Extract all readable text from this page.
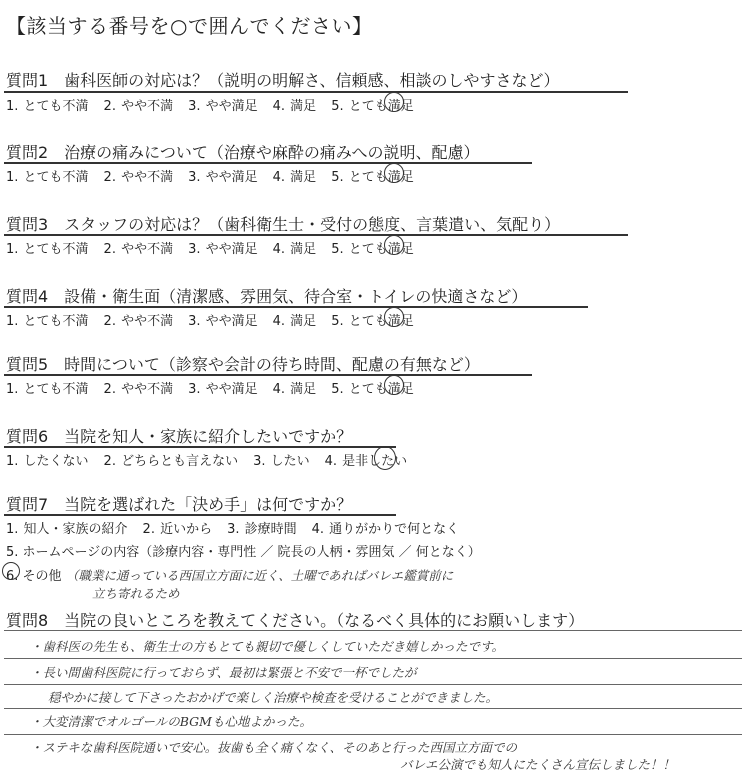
【該当する番号を○で囲んでください】
質問1　歯科医師の対応は？（説明の明解さ、信頼感、相談のしやすさなど）
1. とても不満 2. やや不満 3. やや満足 4. 満足 5. とても満足
質問2　治療の痛みについて（治療や麻酔の痛みへの説明、配慮）
1. とても不満 2. やや不満 3. やや満足 4. 満足 5. とても満足
質問3　スタッフの対応は？（歯科衛生士・受付の態度、言葉遣い、気配り）
1. とても不満 2. やや不満 3. やや満足 4. 満足 5. とても満足
質問4　設備・衛生面（清潔感、雰囲気、待合室・トイレの快適さなど）
1. とても不満 2. やや不満 3. やや満足 4. 満足 5. とても満足
質問5　時間について（診察や会計の待ち時間、配慮の有無など）
1. とても不満 2. やや不満 3. やや満足 4. 満足 5. とても満足
質問6　当院を知人・家族に紹介したいですか？
1. したくない 2. どちらとも言えない 3. したい 4. 是非したい
質問7　当院を選ばれた「決め手」は何ですか？
1. 知人・家族の紹介 2. 近いから 3. 診療時間 4. 通りがかりで何となく
5. ホームページの内容（診療内容・専門性 ／ 院長の人柄・雰囲気 ／ 何となく）
6. その他 （職業に通っている西国立方面に近く、土曜であればバレエ鑑賞前に
立ち寄れるため
質問8　当院の良いところを教えてください。（なるべく具体的にお願いします）
・歯科医の先生も、衛生士の方もとても親切で優しくしていただき嬉しかったです。
・長い間歯科医院に行っておらず、最初は緊張と不安で一杯でしたが
穏やかに接して下さったおかげで楽しく治療や検査を受けることができました。
・大変清潔でオルゴールのBGMも心地よかった。
・ステキな歯科医院通いで安心。抜歯も全く痛くなく、そのあと行った西国立方面での
バレエ公演でも知人にたくさん宣伝しました！！
